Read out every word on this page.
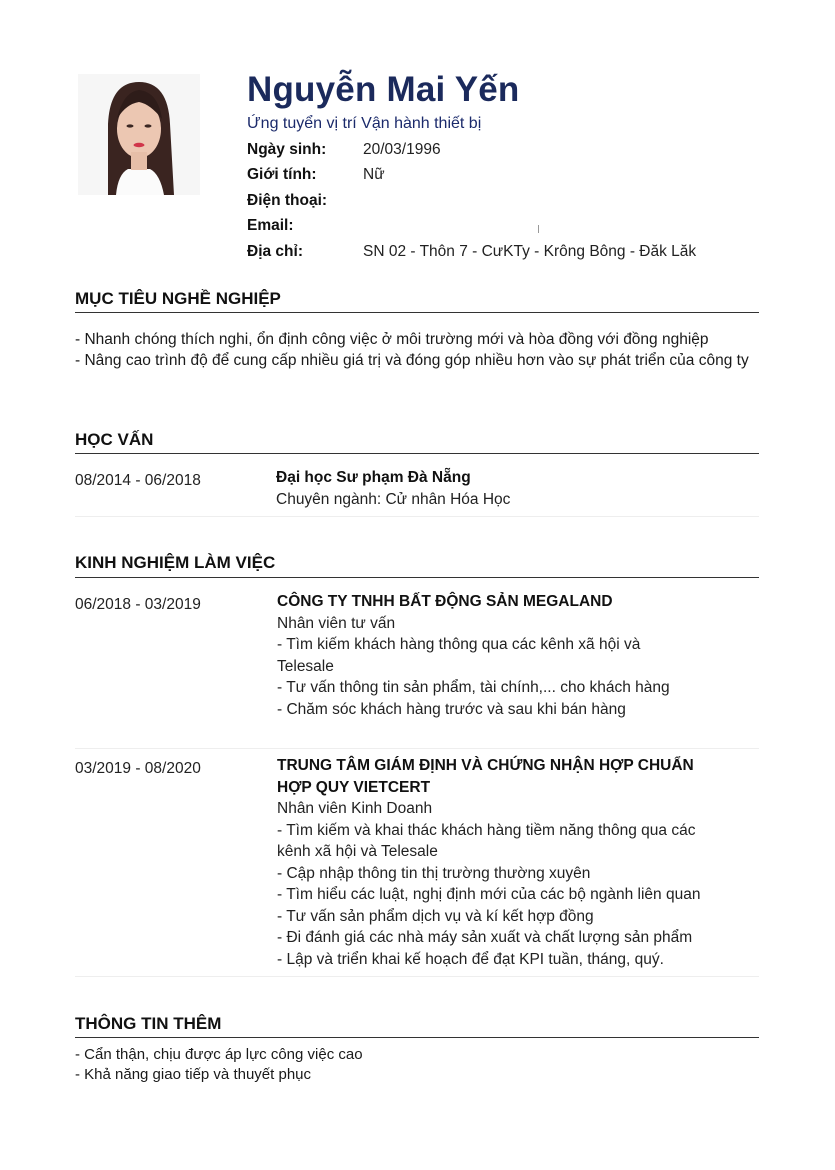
Nguyễn Mai Yến
Ứng tuyển vị trí Vận hành thiết bị
Ngày sinh: 20/03/1996
Giới tính:	Nữ
Điện thoại:
Email:
Địa chỉ:	SN 02 - Thôn 7 - CưKTy - Krông Bông - Đăk Lăk
MỤC TIÊU NGHỀ NGHIỆP
- Nhanh chóng thích nghi, ổn định công việc ở môi trường mới và hòa đồng với đồng nghiệp
- Nâng cao trình độ để cung cấp nhiều giá trị và đóng góp nhiều hơn vào sự phát triển của công ty
HỌC VẤN
08/2014 - 06/2018	Đại học Sư phạm Đà Nẵng
Chuyên ngành: Cử nhân Hóa Học
KINH NGHIỆM LÀM VIỆC
06/2018 - 03/2019	CÔNG TY TNHH BẤT ĐỘNG SẢN MEGALAND
Nhân viên tư vấn
- Tìm kiếm khách hàng thông qua các kênh xã hội và Telesale
- Tư vấn thông tin sản phẩm, tài chính,... cho khách hàng
- Chăm sóc khách hàng trước và sau khi bán hàng
03/2019 - 08/2020	TRUNG TÂM GIÁM ĐỊNH VÀ CHỨNG NHẬN HỢP CHUẨN HỢP QUY VIETCERT
Nhân viên Kinh Doanh
- Tìm kiếm và khai thác khách hàng tiềm năng thông qua các kênh xã hội và Telesale
- Cập nhập thông tin thị trường thường xuyên
- Tìm hiểu các luật, nghị định mới của các bộ ngành liên quan
- Tư vấn sản phẩm dịch vụ và kí kết hợp đồng
- Đi đánh giá các nhà máy sản xuất và chất lượng sản phẩm
- Lập và triển khai kế hoạch để đạt KPI tuần, tháng, quý.
THÔNG TIN THÊM
- Cẩn thận, chịu được áp lực công việc cao
- Khả năng giao tiếp và thuyết phục
